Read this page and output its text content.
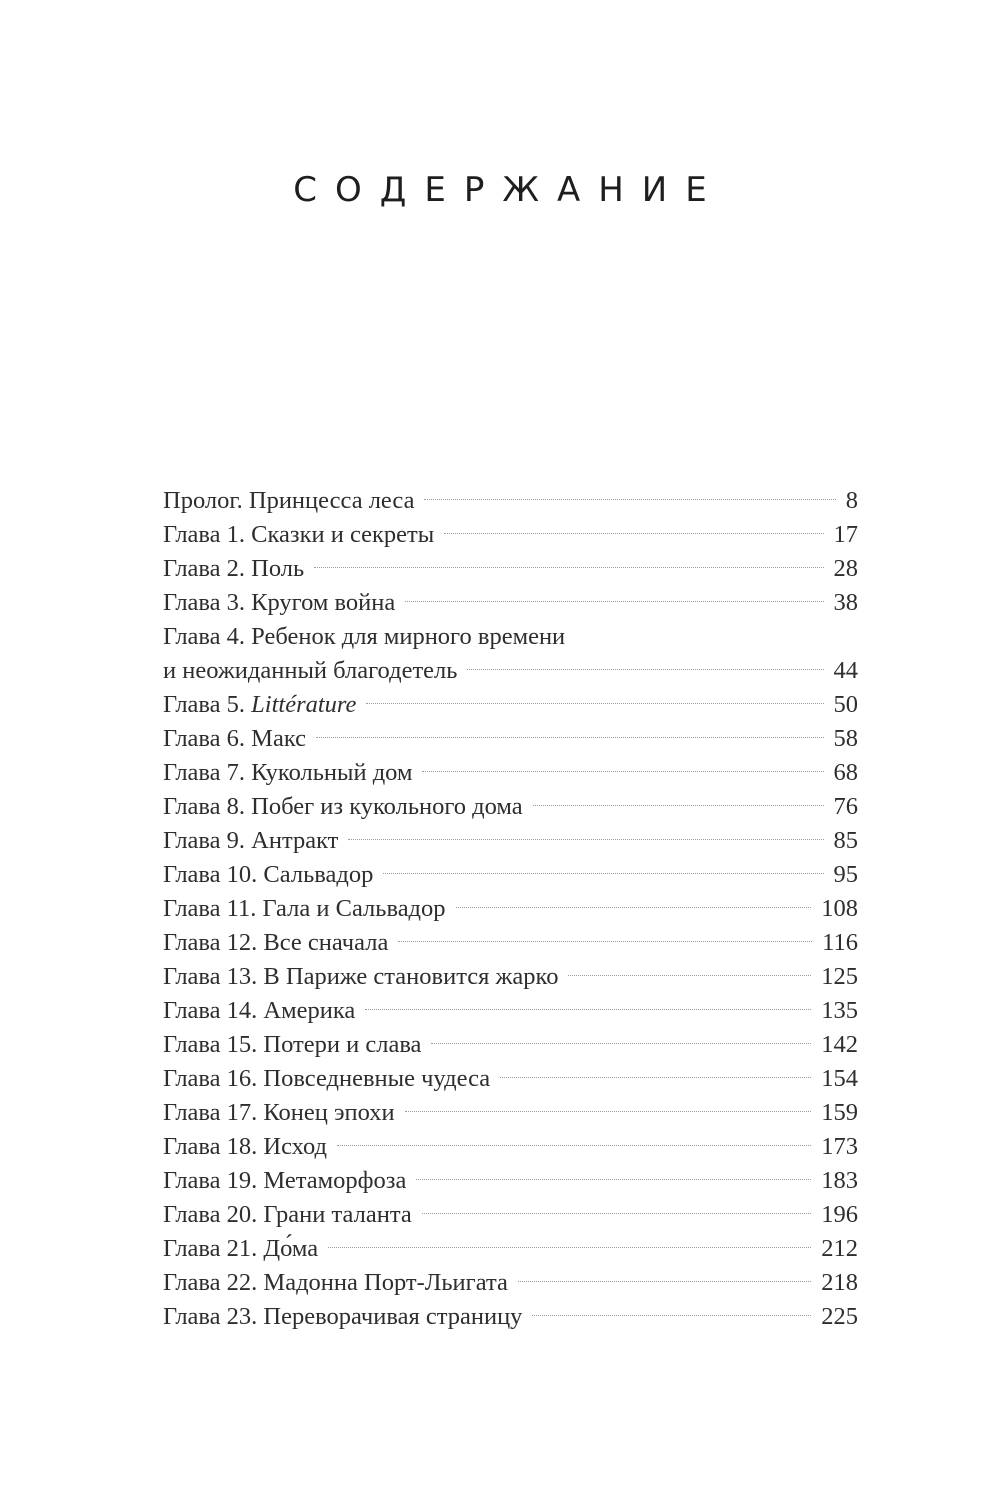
СОДЕРЖАНИЕ
Пролог. Принцесса леса	8
Глава 1. Сказки и секреты	17
Глава 2. Поль	28
Глава 3. Кругом война	38
Глава 4. Ребенок для мирного времени
и неожиданный благодетель	44
Глава 5. Littérature	50
Глава 6. Макс	58
Глава 7. Кукольный дом	68
Глава 8. Побег из кукольного дома	76
Глава 9. Антракт	85
Глава 10. Сальвадор	95
Глава 11. Гала и Сальвадор	108
Глава 12. Все сначала	116
Глава 13. В Париже становится жарко	125
Глава 14. Америка	135
Глава 15. Потери и слава	142
Глава 16. Повседневные чудеса	154
Глава 17. Конец эпохи	159
Глава 18. Исход	173
Глава 19. Метаморфоза	183
Глава 20. Грани таланта	196
Глава 21. До́ма	212
Глава 22. Мадонна Порт-Льигата	218
Глава 23. Переворачивая страницу	225
